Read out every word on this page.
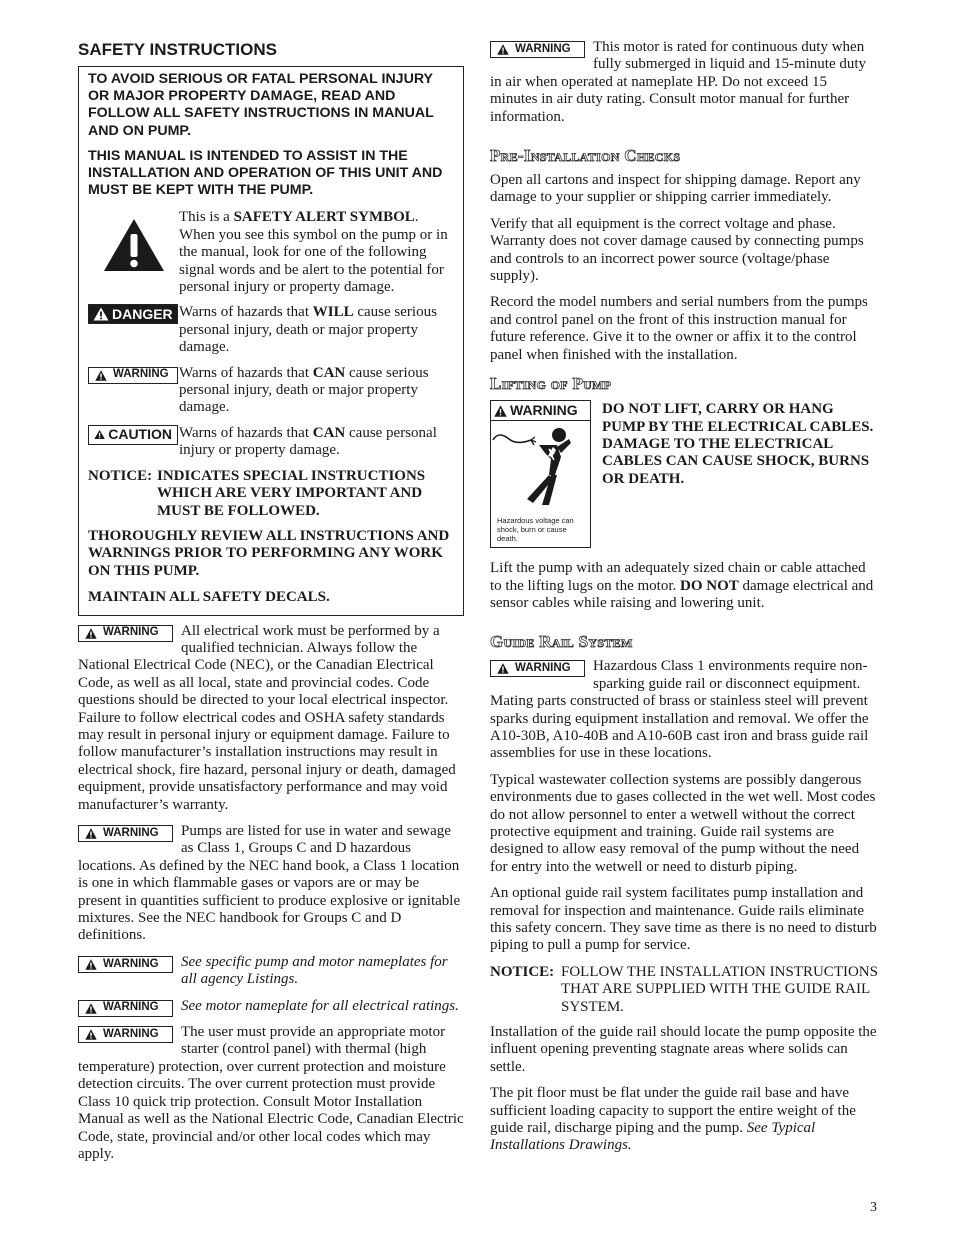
SAFETY INSTRUCTIONS
TO AVOID SERIOUS OR FATAL PERSONAL INJURY OR MAJOR PROPERTY DAMAGE, READ AND FOLLOW ALL SAFETY INSTRUCTIONS IN MANUAL AND ON PUMP.
THIS MANUAL IS INTENDED TO ASSIST IN THE INSTALLATION AND OPERATION OF THIS UNIT AND MUST BE KEPT WITH THE PUMP.
This is a SAFETY ALERT SYMBOL. When you see this symbol on the pump or in the manual, look for one of the following signal words and be alert to the potential for personal injury or property damage.
DANGER Warns of hazards that WILL cause serious personal injury, death or major property damage.
WARNING Warns of hazards that CAN cause serious personal injury, death or major property damage.
CAUTION Warns of hazards that CAN cause personal injury or property damage.
NOTICE: INDICATES SPECIAL INSTRUCTIONS WHICH ARE VERY IMPORTANT AND MUST BE FOLLOWED.
THOROUGHLY REVIEW ALL INSTRUCTIONS AND WARNINGS PRIOR TO PERFORMING ANY WORK ON THIS PUMP.
MAINTAIN ALL SAFETY DECALS.
WARNING All electrical work must be performed by a qualified technician. Always follow the National Electrical Code (NEC), or the Canadian Electrical Code, as well as all local, state and provincial codes. Code questions should be directed to your local electrical inspector. Failure to follow electrical codes and OSHA safety standards may result in personal injury or equipment damage. Failure to follow manufacturer’s installation instructions may result in electrical shock, fire hazard, personal injury or death, damaged equipment, provide unsatisfactory performance and may void manufacturer’s warranty.
WARNING Pumps are listed for use in water and sewage as Class 1, Groups C and D hazardous locations. As defined by the NEC hand book, a Class 1 location is one in which flammable gases or vapors are or may be present in quantities sufficient to produce explosive or ignitable mixtures. See the NEC handbook for Groups C and D definitions.
WARNING See specific pump and motor nameplates for all agency Listings.
WARNING See motor nameplate for all electrical ratings.
WARNING The user must provide an appropriate motor starter (control panel) with thermal (high temperature) protection, over current protection and moisture detection circuits. The over current protection must provide Class 10 quick trip protection. Consult Motor Installation Manual as well as the National Electric Code, Canadian Electric Code, state, provincial and/or other local codes which may apply.
WARNING This motor is rated for continuous duty when fully submerged in liquid and 15-minute duty in air when operated at nameplate HP. Do not exceed 15 minutes in air duty rating. Consult motor manual for further information.
Pre-Installation Checks

Open all cartons and inspect for shipping damage. Report any damage to your supplier or shipping carrier immediately.

Verify that all equipment is the correct voltage and phase. Warranty does not cover damage caused by connecting pumps and controls to an incorrect power source (voltage/phase supply).

Record the model numbers and serial numbers from the pumps and control panel on the front of this instruction manual for future reference. Give it to the owner or affix it to the control panel when finished with the installation.

Lifting of Pump
WARNING
Hazardous voltage can shock, burn or cause death.
DO NOT LIFT, CARRY OR HANG PUMP BY THE ELECTRICAL CABLES. DAMAGE TO THE ELECTRICAL CABLES CAN CAUSE SHOCK, BURNS OR DEATH.

Lift the pump with an adequately sized chain or cable attached to the lifting lugs on the motor. DO NOT damage electrical and sensor cables while raising and lowering unit.

Guide Rail System
WARNING Hazardous Class 1 environments require non-sparking guide rail or disconnect equipment. Mating parts constructed of brass or stainless steel will prevent sparks during equipment installation and removal. We offer the A10-30B, A10-40B and A10-60B cast iron and brass guide rail assemblies for use in these locations.

Typical wastewater collection systems are possibly dangerous environments due to gases collected in the wet well. Most codes do not allow personnel to enter a wetwell without the correct protective equipment and training. Guide rail systems are designed to allow easy removal of the pump without the need for entry into the wetwell or need to disturb piping.

An optional guide rail system facilitates pump installation and removal for inspection and maintenance. Guide rails eliminate this safety concern. They save time as there is no need to disturb piping to pull a pump for service.

NOTICE: FOLLOW THE INSTALLATION INSTRUCTIONS THAT ARE SUPPLIED WITH THE GUIDE RAIL SYSTEM.

Installation of the guide rail should locate the pump opposite the influent opening preventing stagnate areas where solids can settle.

The pit floor must be flat under the guide rail base and have sufficient loading capacity to support the entire weight of the guide rail, discharge piping and the pump. See Typical Installations Drawings.

3
